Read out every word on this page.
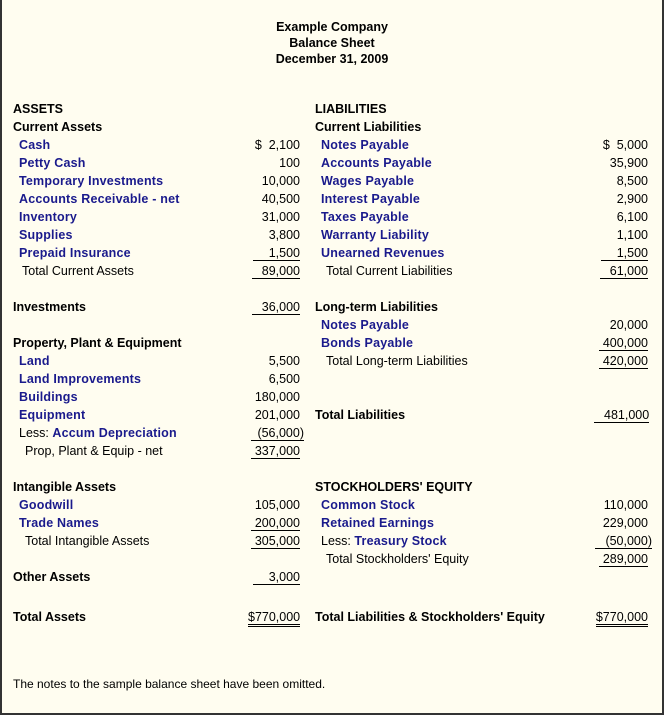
Example Company
Balance Sheet
December 31, 2009
ASSETS
Current Assets
Cash	$  2,100
Petty Cash	100
Temporary Investments	10,000
Accounts Receivable - net	40,500
Inventory	31,000
Supplies	3,800
Prepaid Insurance	1,500
Total Current Assets	89,000
Investments	36,000
Property, Plant & Equipment
Land	5,500
Land Improvements	6,500
Buildings	180,000
Equipment	201,000
Less: Accum Depreciation	(56,000)
Prop, Plant & Equip - net	337,000
Intangible Assets
Goodwill	105,000
Trade Names	200,000
Total Intangible Assets	305,000
Other Assets	3,000
Total Assets	$770,000
LIABILITIES
Current Liabilities
Notes Payable	$  5,000
Accounts Payable	35,900
Wages Payable	8,500
Interest Payable	2,900
Taxes Payable	6,100
Warranty Liability	1,100
Unearned Revenues	1,500
Total Current Liabilities	61,000
Long-term Liabilities
Notes Payable	20,000
Bonds Payable	400,000
Total Long-term Liabilities	420,000
Total Liabilities	481,000
STOCKHOLDERS' EQUITY
Common Stock	110,000
Retained Earnings	229,000
Less: Treasury Stock	(50,000)
Total Stockholders' Equity	289,000
Total Liabilities & Stockholders' Equity	$770,000
The notes to the sample balance sheet have been omitted.
